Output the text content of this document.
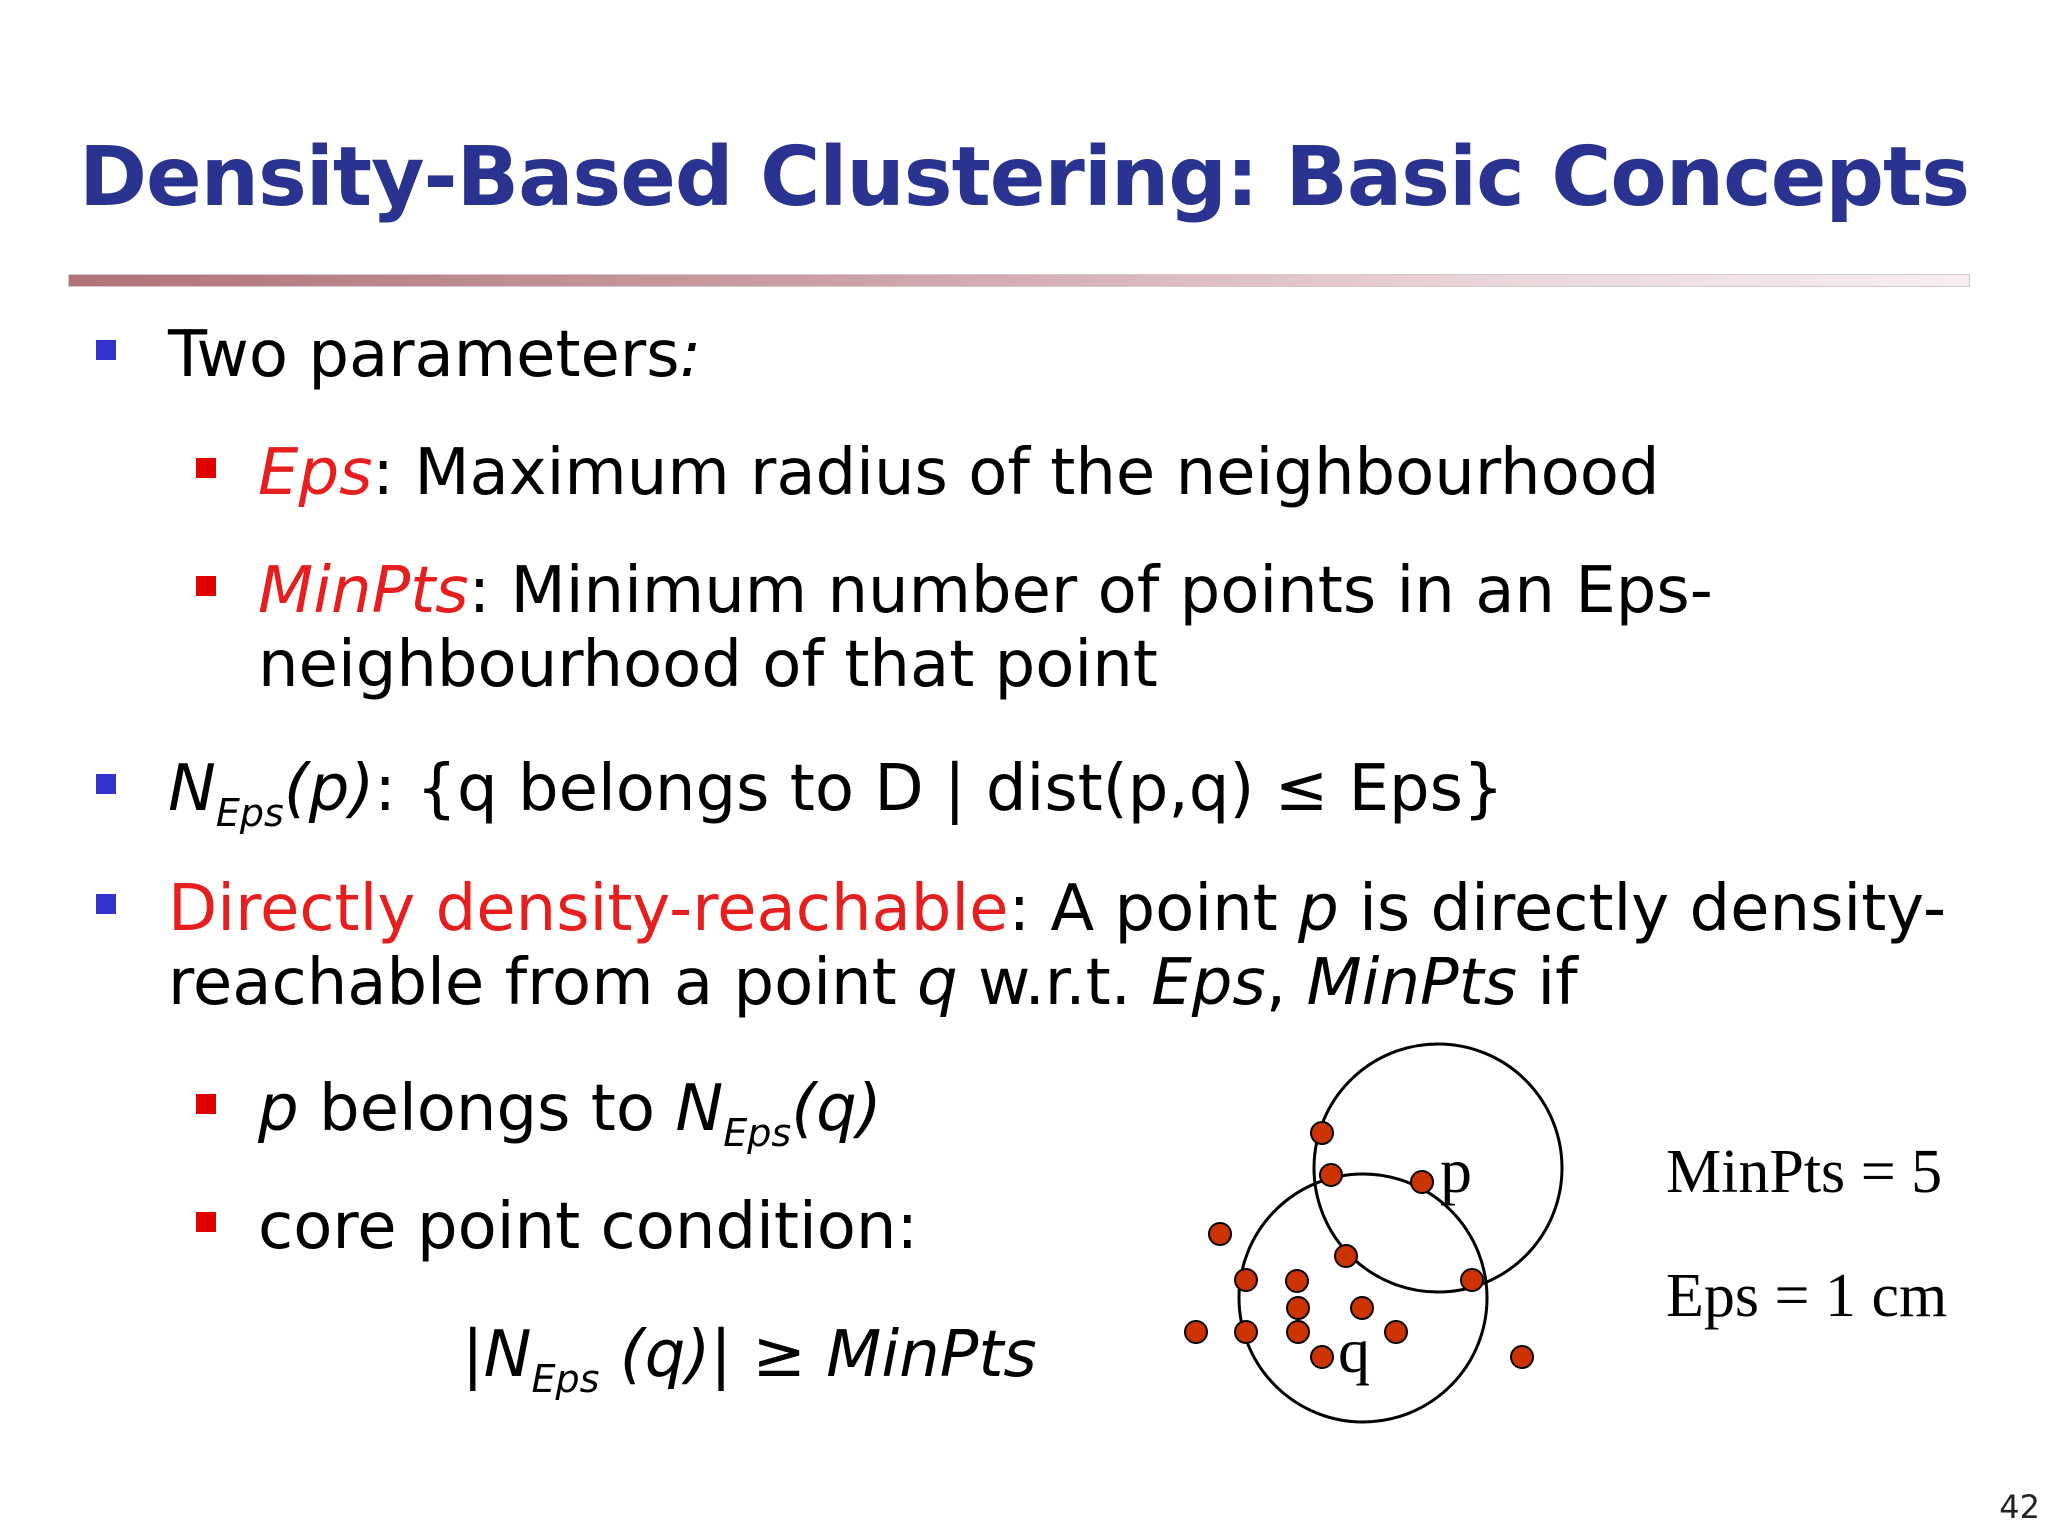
Density-Based Clustering: Basic Concepts
Two parameters:
Eps: Maximum radius of the neighbourhood
MinPts: Minimum number of points in an Eps-
neighbourhood of that point
$N_{Eps}(p)$: {q belongs to D | dist(p,q) ≤ Eps}
Directly density-reachable: A point p is directly density-
reachable from a point q w.r.t. Eps, MinPts if
p belongs to $N_{Eps}(q)$
core point condition:
$|N_{Eps}$ (q)| ≥ MinPts
p
q
MinPts = 5
Eps = 1 cm
42
